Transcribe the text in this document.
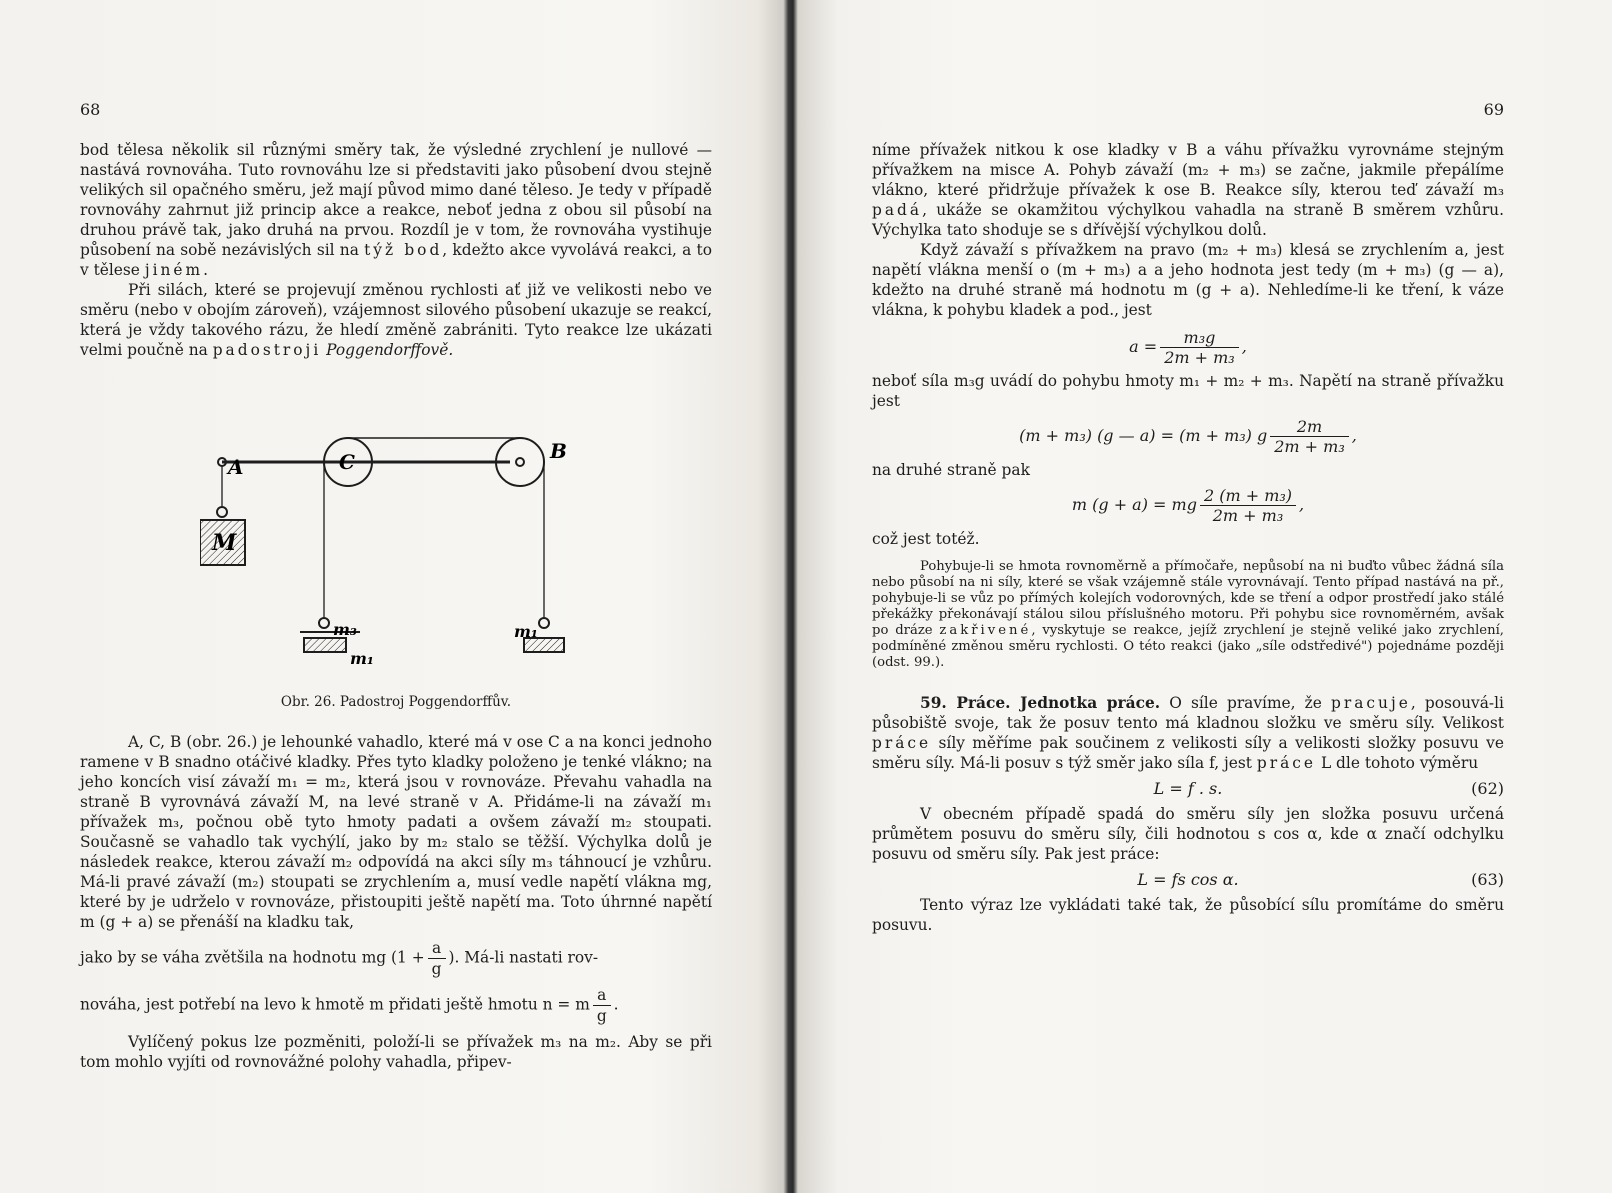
68

bod tělesa několik sil různými směry tak, že výsledné zrychlení je nullové — nastává rovnováha. Tuto rovnováhu lze si představiti jako působení dvou stejně velikých sil opačného směru, jež mají původ mimo dané těleso. Je tedy v případě rovnováhy zahrnut již princip akce a reakce, neboť jedna z obou sil působí na druhou právě tak, jako druhá na prvou. Rozdíl je v tom, že rovnováha vystihuje působení na sobě nezávislých sil na týž bod, kdežto akce vyvolává reakci, a to v tělese jiném.

Při silách, které se projevují změnou rychlosti ať již ve velikosti nebo ve směru (nebo v obojím zároveň), vzájemnost silového působení ukazuje se reakcí, která je vždy takového rázu, že hledí změně zabrániti. Tyto reakce lze ukázati velmi poučně na padostroji Poggendorffově.

A	C	B
M
m₃
m₁
m₁
Obr. 26. Padostroj Poggendorffův.

A, C, B (obr. 26.) je lehounké vahadlo, které má v ose C a na konci jednoho ramene v B snadno otáčivé kladky. Přes tyto kladky položeno je tenké vlákno; na jeho koncích visí závaží m₁ = m₂, která jsou v rovnováze. Převahu vahadla na straně B vyrovnává závaží M, na levé straně v A. Přidáme-li na závaží m₁ přívažek m₃, počnou obě tyto hmoty padati a ovšem závaží m₂ stoupati. Současně se vahadlo tak vychýlí, jako by m₂ stalo se těžší. Výchylka dolů je následek reakce, kterou závaží m₂ odpovídá na akci síly m₃ táhnoucí je vzhůru. Má-li pravé závaží (m₂) stoupati se zrychlením a, musí vedle napětí vlákna mg, které by je udrželo v rovnováze, přistoupiti ještě napětí ma. Toto úhrnné napětí m (g + a) se přenáší na kladku tak,

jako by se váha zvětšila na hodnotu mg ($1 + \frac{a}{g}$ ). Má-li nastati rov-

nováha, jest potřebí na levo k hmotě m přidati ještě hmotu n = m $\frac{a}{g}$ .

Vylíčený pokus lze pozměniti, položí-li se přívažek m₃ na m₂. Aby se při tom mohlo vyjíti od rovnovážné polohy vahadla, připev-

69

níme přívažek nitkou k ose kladky v B a váhu přívažku vyrovnáme stejným přívažkem na misce A. Pohyb závaží (m₂ + m₃) se začne, jakmile přepálíme vlákno, které přidržuje přívažek k ose B. Reakce síly, kterou teď závaží m₃ padá, ukáže se okamžitou výchylkou vahadla na straně B směrem vzhůru. Výchylka tato shoduje se s dřívější výchylkou dolů.

Když závaží s přívažkem na pravo (m₂ + m₃) klesá se zrychlením a, jest napětí vlákna menší o (m + m₃) a a jeho hodnota jest tedy (m + m₃) (g — a), kdežto na druhé straně má hodnotu m (g + a). Nehledíme-li ke tření, k váze vlákna, k pohybu kladek a pod., jest

$a = \frac{\text{m₃g}}{\text{2m + m₃}}$ ,

neboť síla m₃g uvádí do pohybu hmoty m₁ + m₂ + m₃. Napětí na straně přívažku jest

(m + m₃) (g — a) = (m + m₃) g $\frac{2m}{\text{2m + m₃}}$ ,

na druhé straně pak

m (g + a) = mg $\frac{\text{2 (m + m₃)}}{\text{2m + m₃}}$ ,

což jest totéž.

Pohybuje-li se hmota rovnoměrně a přímočaře, nepůsobí na ni buďto vůbec žádná síla nebo působí na ni síly, které se však vzájemně stále vyrovnávají. Tento případ nastává na př., pohybuje-li se vůz po přímých kolejích vodorovných, kde se tření a odpor prostředí jako stálé překážky překonávají stálou silou příslušného motoru. Při pohybu sice rovnoměrném, avšak po dráze zakřivené, vyskytuje se reakce, jejíž zrychlení je stejně veliké jako zrychlení, podmíněné změnou směru rychlosti. O této reakci (jako „síle odstředivé") pojednáme později (odst. 99.).

59. Práce. Jednotka práce. O síle pravíme, že pracuje, posouvá-li působiště svoje, tak že posuv tento má kladnou složku ve směru síly. Velikost práce síly měříme pak součinem z velikosti síly a velikosti složky posuvu ve směru síly. Má-li posuv s týž směr jako síla f, jest práce L dle tohoto výměru

L = f . s.	(62)

V obecném případě spadá do směru síly jen složka posuvu určená průmětem posuvu do směru síly, čili hodnotou s cos α, kde α značí odchylku posuvu od směru síly. Pak jest práce:

L = fs cos α.	(63)

Tento výraz lze vykládati také tak, že působící sílu promítáme do směru posuvu.
